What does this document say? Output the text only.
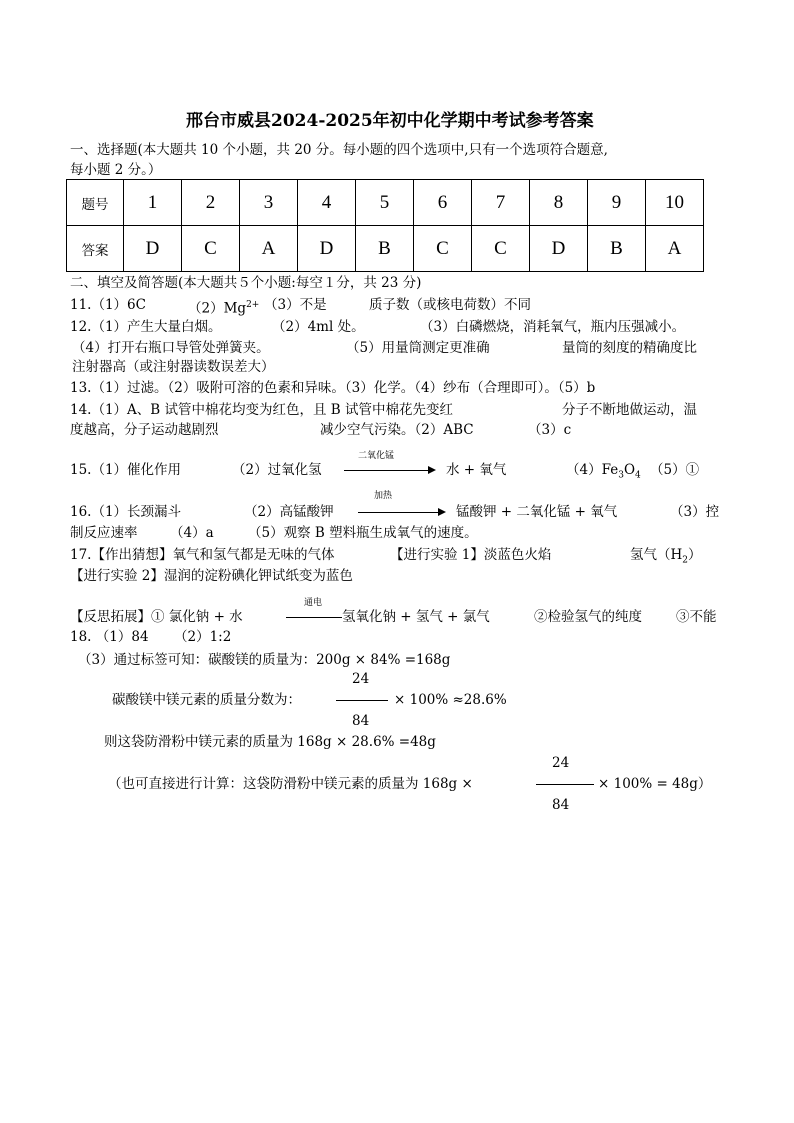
邢台市威县2024-2025年初中化学期中考试参考答案
一、选择题(本大题共 10 个小题，共 20 分。每小题的四个选项中,只有一个选项符合题意,
每小题 2 分。）
题号	1	2	3	4	5	6	7	8	9	10
答案	D	C	A	D	B	C	C	D	B	A
二、填空及简答题(本大题共５个小题:每空１分，共 23 分)
11.（1）6C	$(2)Mg^{2+}$ （3）不是	质子数（或核电荷数）不同
12.（1）产生大量白烟。	（2）4ml 处。	（3）白磷燃烧，消耗氧气，瓶内压强减小。
（4）打开右瓶口导管处弹簧夹。	（5）用量筒测定更准确	量筒的刻度的精确度比
注射器高（或注射器读数误差大）
13.（1）过滤。（2）吸附可溶的色素和异味。（3）化学。（4）纱布（合理即可）。（5）b
14.（1）A、B 试管中棉花均变为红色，且 B 试管中棉花先变红	分子不断地做运动，温
度越高，分子运动越剧烈	减少空气污染。（2）ABC	（3）c
二氧化锰
15.（1）催化作用	（2）过氧化氢	水 + 氧气	$(4)Fe_3O_4$ （5）①
加热
16.（1）长颈漏斗	（2）高锰酸钾	锰酸钾 + 二氧化锰 + 氧气	（3）控
制反应速率 （4）a	（5）观察 B 塑料瓶生成氧气的速度。
17.【作出猜想】氧气和氢气都是无味的气体	【进行实验 1】淡蓝色火焰	氢气$(H_2)$
【进行实验 2】湿润的淀粉碘化钾试纸变为蓝色
通电
【反思拓展】① 氯化钠 + 水	氢氧化钠 + 氢气 + 氯气	②检验氢气的纯度	③不能
18. （1）84 （2）1:2
（3）通过标签可知：碳酸镁的质量为：200g × 84% =168g
24
碳酸镁中镁元素的质量分数为：	× 100% ≈28.6%
84
则这袋防滑粉中镁元素的质量为 168g × 28.6% =48g
24
（也可直接进行计算：这袋防滑粉中镁元素的质量为 168g ×	× 100% = 48g）
84
